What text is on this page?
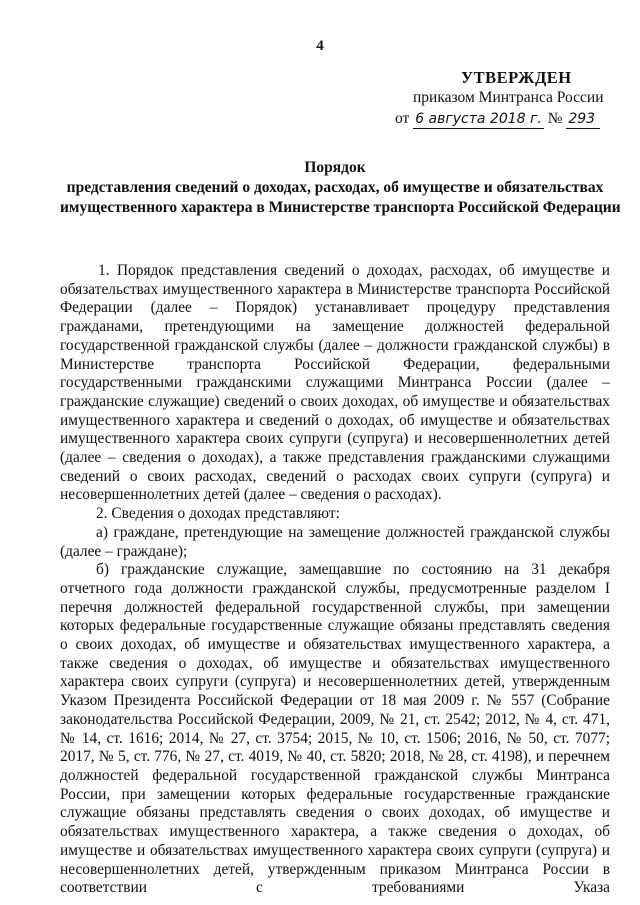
4
УТВЕРЖДЕН
приказом Минтранса России
от 6 августа 2018 г. № 293
Порядок
представления сведений о доходах, расходах, об имуществе и обязательствах
имущественного характера в Министерстве транспорта Российской Федерации

1. Порядок представления сведений о доходах, расходах, об имуществе и обязательствах имущественного характера в Министерстве транспорта Российской Федерации (далее – Порядок) устанавливает процедуру представления гражданами, претендующими на замещение должностей федеральной государственной гражданской службы (далее – должности гражданской службы) в Министерстве транспорта Российской Федерации, федеральными государственными гражданскими служащими Минтранса России (далее – гражданские служащие) сведений о своих доходах, об имуществе и обязательствах имущественного характера и сведений о доходах, об имуществе и обязательствах имущественного характера своих супруги (супруга) и несовершеннолетних детей (далее – сведения о доходах), а также представления гражданскими служащими сведений о своих расходах, сведений о расходах своих супруги (супруга) и несовершеннолетних детей (далее – сведения о расходах).

2. Сведения о доходах представляют:

а) граждане, претендующие на замещение должностей гражданской службы (далее – граждане);

б) гражданские служащие, замещавшие по состоянию на 31 декабря отчетного года должности гражданской службы, предусмотренные разделом I перечня должностей федеральной государственной службы, при замещении которых федеральные государственные служащие обязаны представлять сведения о своих доходах, об имуществе и обязательствах имущественного характера, а также сведения о доходах, об имуществе и обязательствах имущественного характера своих супруги (супруга) и несовершеннолетних детей, утвержденным Указом Президента Российской Федерации от 18 мая 2009 г. № 557 (Собрание законодательства Российской Федерации, 2009, № 21, ст. 2542; 2012, № 4, ст. 471, № 14, ст. 1616; 2014, № 27, ст. 3754; 2015, № 10, ст. 1506; 2016, № 50, ст. 7077; 2017, № 5, ст. 776, № 27, ст. 4019, № 40, ст. 5820; 2018, № 28, ст. 4198), и перечнем должностей федеральной государственной гражданской службы Минтранса России, при замещении которых федеральные государственные гражданские служащие обязаны представлять сведения о своих доходах, об имуществе и обязательствах имущественного характера, а также сведения о доходах, об имуществе и обязательствах имущественного характера своих супруги (супруга) и несовершеннолетних детей, утвержденным приказом Минтранса России в соответствии с требованиями Указа
